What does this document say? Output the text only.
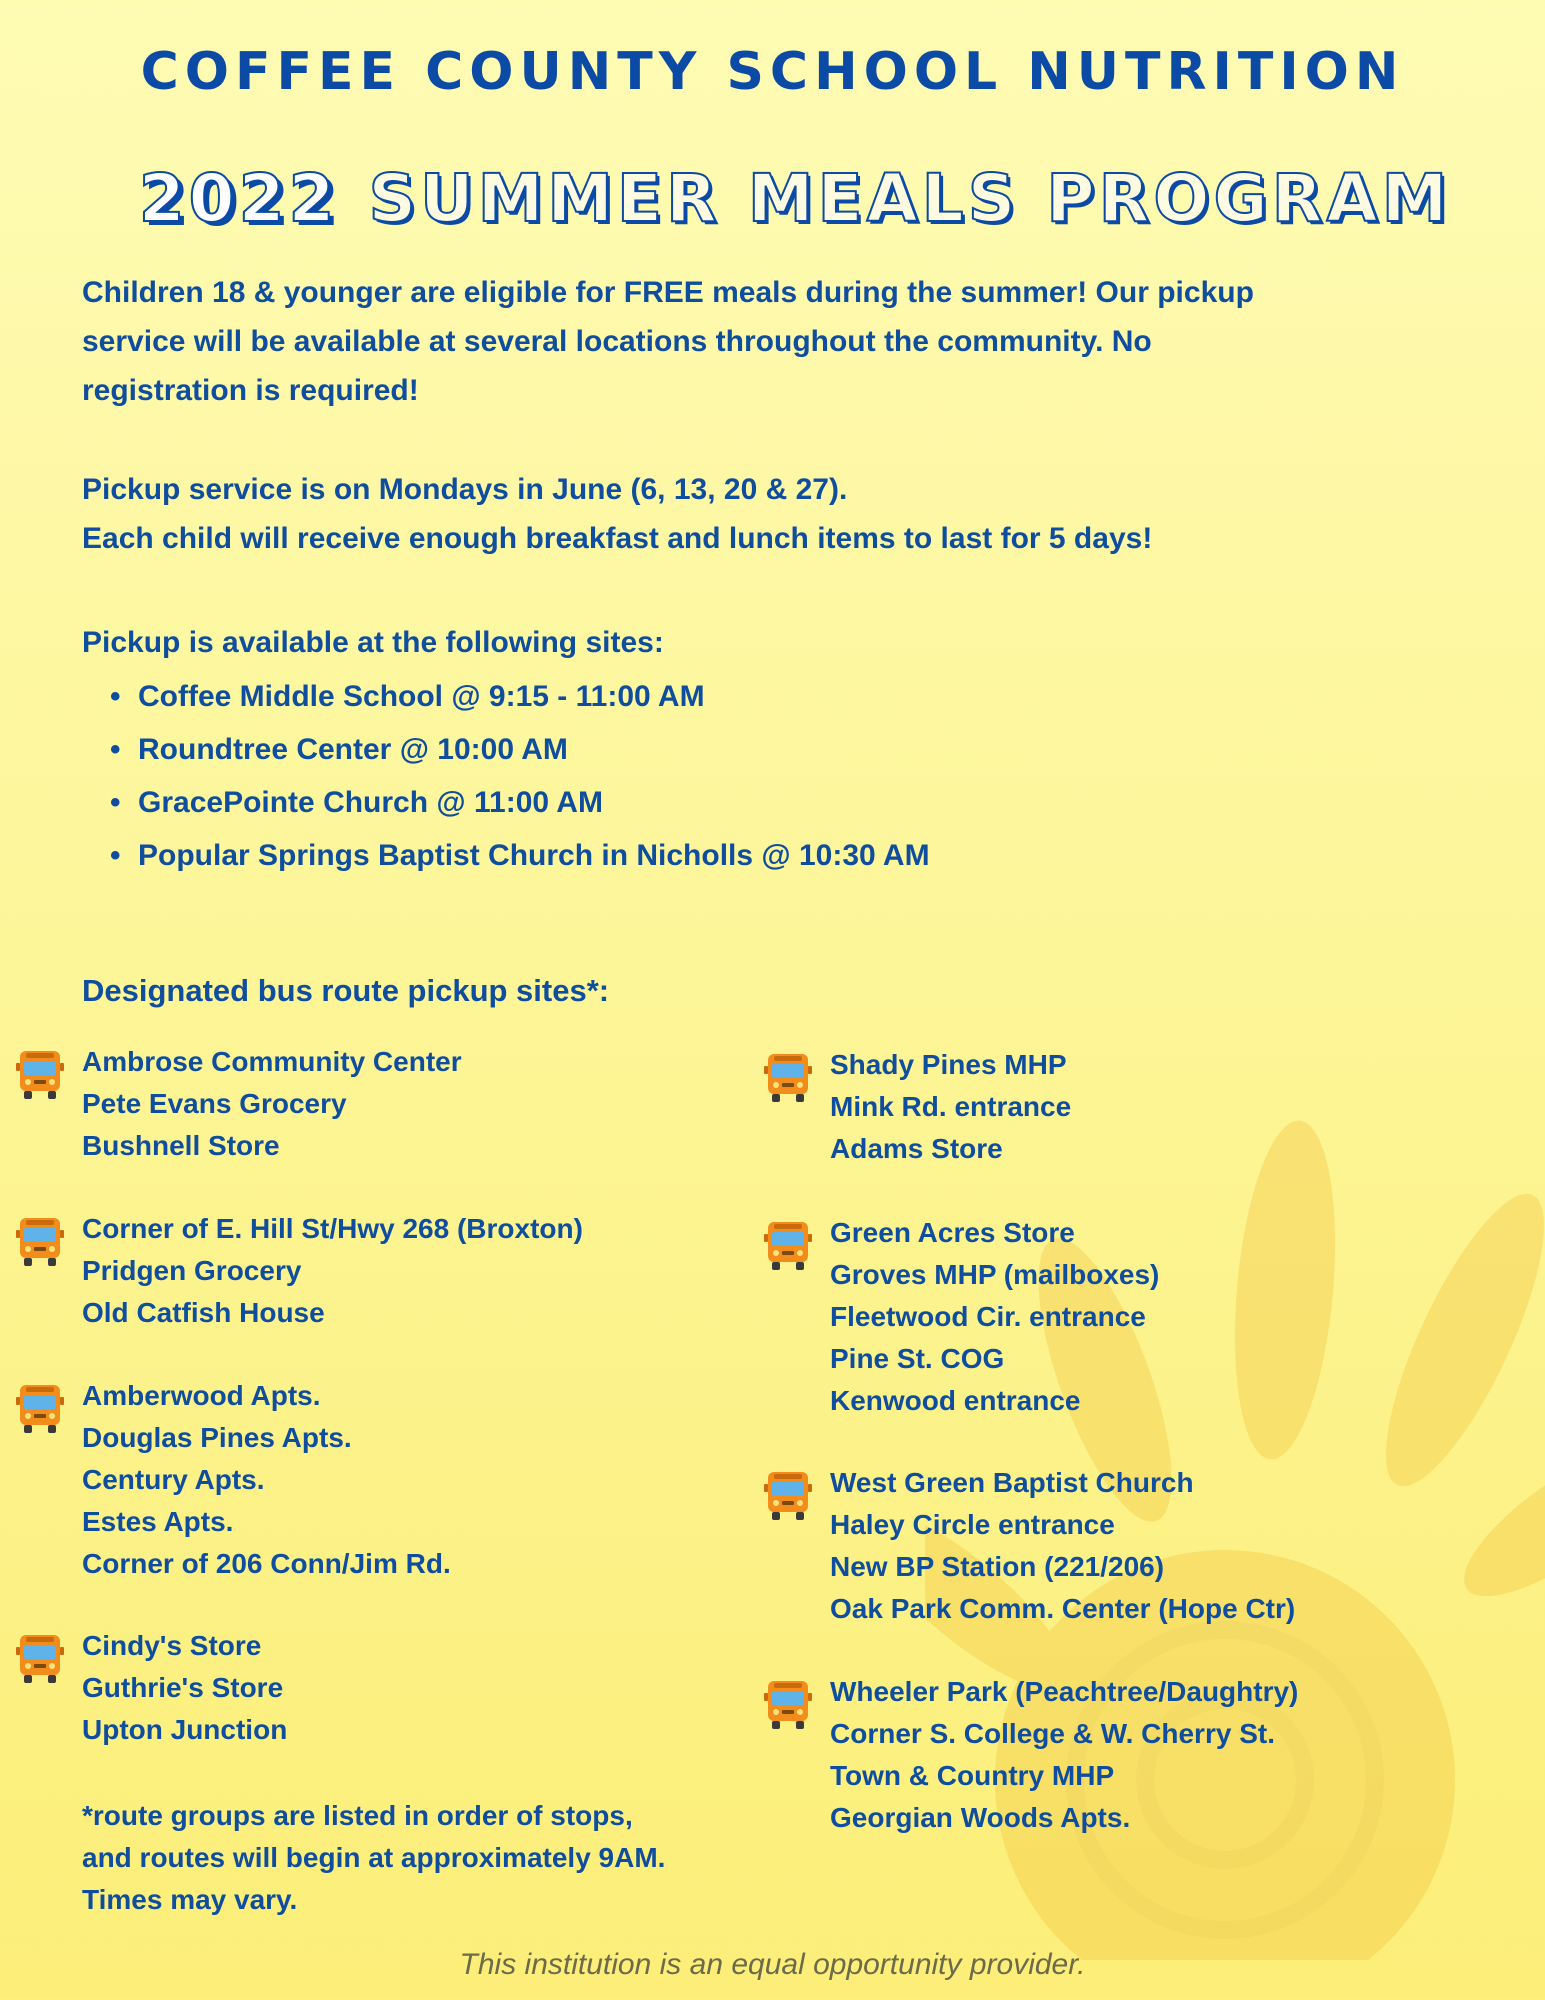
COFFEE COUNTY SCHOOL NUTRITION
2022 SUMMER MEALS PROGRAM
Children 18 & younger are eligible for FREE meals during the summer! Our pickup
service will be available at several locations throughout the community. No
registration is required!
Pickup service is on Mondays in June (6, 13, 20 & 27).
Each child will receive enough breakfast and lunch items to last for 5 days!
Pickup is available at the following sites:
• Coffee Middle School @ 9:15 - 11:00 AM
• Roundtree Center @ 10:00 AM
• GracePointe Church @ 11:00 AM
• Popular Springs Baptist Church in Nicholls @ 10:30 AM
Designated bus route pickup sites*:
Ambrose Community Center
Pete Evans Grocery
Bushnell Store
Corner of E. Hill St/Hwy 268 (Broxton)
Pridgen Grocery
Old Catfish House
Amberwood Apts.
Douglas Pines Apts.
Century Apts.
Estes Apts.
Corner of 206 Conn/Jim Rd.
Cindy's Store
Guthrie's Store
Upton Junction
Shady Pines MHP
Mink Rd. entrance
Adams Store
Green Acres Store
Groves MHP (mailboxes)
Fleetwood Cir. entrance
Pine St. COG
Kenwood entrance
West Green Baptist Church
Haley Circle entrance
New BP Station (221/206)
Oak Park Comm. Center (Hope Ctr)
Wheeler Park (Peachtree/Daughtry)
Corner S. College & W. Cherry St.
Town & Country MHP
Georgian Woods Apts.
*route groups are listed in order of stops,
and routes will begin at approximately 9AM.
Times may vary.
This institution is an equal opportunity provider.
